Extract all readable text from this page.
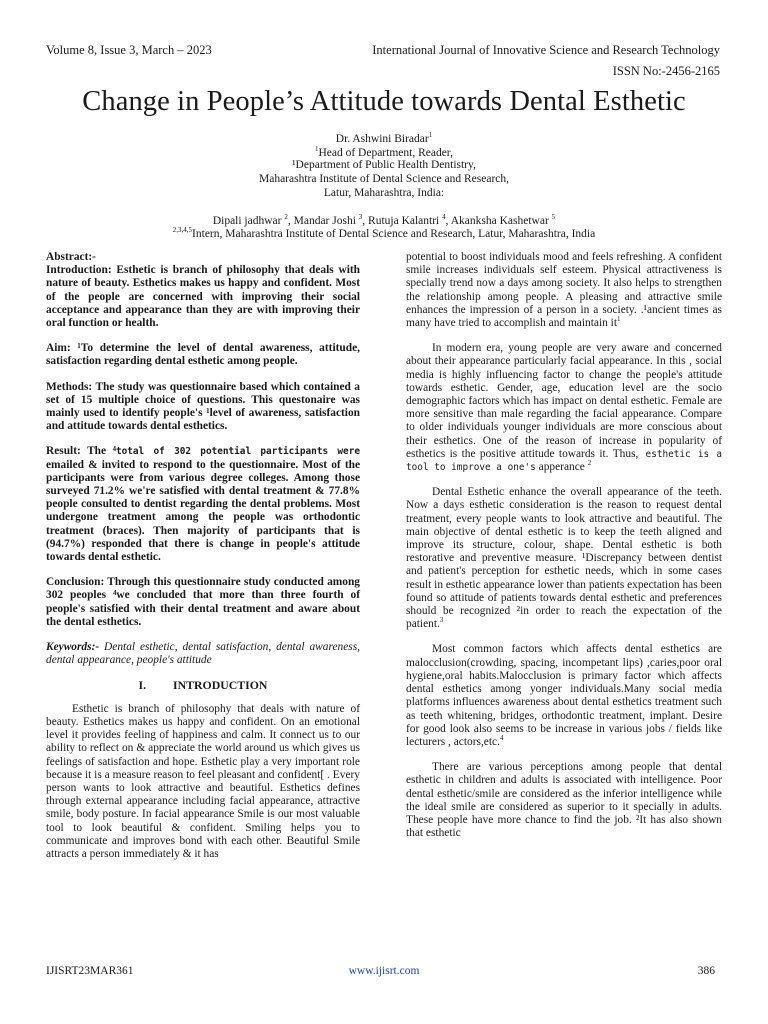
Volume 8, Issue 3, March – 2023	International Journal of Innovative Science and Research Technology
ISSN No:-2456-2165
Change in People’s Attitude towards Dental Esthetic
Dr. Ashwini Biradar$^1$
$^1$Head of Department, Reader,
¹Department of Public Health Dentistry,
Maharashtra Institute of Dental Science and Research,
Latur, Maharashtra, India:
Dipali jadhwar $^2$, Mandar Joshi $^3$, Rutuja Kalantri $^4$, Akanksha Kashetwar $^5$
$^{2,3,4,5}$Intern, Maharashtra Institute of Dental Science and Research, Latur, Maharashtra, India
Abstract:-

Introduction: Esthetic is branch of philosophy that deals with nature of beauty. Esthetics makes us happy and confident. Most of the people are concerned with improving their social acceptance and appearance than they are with improving their oral function or health.

Aim: ¹To determine the level of dental awareness, attitude, satisfaction regarding dental esthetic among people.

Methods: The study was questionnaire based which contained a set of 15 multiple choice of questions. This questonaire was mainly used to identify people's ¹level of awareness, satisfaction and attitude towards dental esthetics.

Result: The ⁴total of 302 potential participants were emailed & invited to respond to the questionnaire. Most of the participants were from various degree colleges. Among those surveyed 71.2% we're satisfied with dental treatment & 77.8% people consulted to dentist regarding the dental problems. Most undergone treatment among the people was orthodontic treatment (braces). Then majority of participants that is (94.7%) responded that there is change in people's attitude towards dental esthetic.

Conclusion: Through this questionnaire study conducted among 302 peoples ⁴we concluded that more than three fourth of people's satisfied with their dental treatment and aware about the dental esthetics.

Keywords:- Dental esthetic, dental satisfaction, dental awareness, dental appearance, people's attitude

I. INTRODUCTION

Esthetic is branch of philosophy that deals with nature of beauty. Esthetics makes us happy and confident. On an emotional level it provides feeling of happiness and calm. It connect us to our ability to reflect on & appreciate the world around us which gives us feelings of satisfaction and hope. Esthetic play a very important role because it is a measure reason to feel pleasant and confident[ . Every person wants to look attractive and beautiful. Esthetics defines through external appearance including facial appearance, attractive smile, body posture. In facial appearance Smile is our most valuable tool to look beautiful & confident. Smiling helps you to communicate and improves bond with each other. Beautiful Smile attracts a person immediately & it has

potential to boost individuals mood and feels refreshing. A confident smile increases individuals self esteem. Physical attractiveness is specially trend now a days among society. It also helps to strengthen the relationship among people. A pleasing and attractive smile enhances the impression of a person in a society. .¹ancient times as many have tried to accomplish and maintain $it^1$

In modern era, young people are very aware and concerned about their appearance particularly facial appearance. In this , social media is highly influencing factor to change the people's attitude towards esthetic. Gender, age, education level are the socio demographic factors which has impact on dental esthetic. Female are more sensitive than male regarding the facial appearance. Compare to older individuals younger individuals are more conscious about their esthetics. One of the reason of increase in popularity of esthetics is the positive attitude towards it. Thus, esthetic is a tool to improve a one's apperance $^2$

Dental Esthetic enhance the overall appearance of the teeth. Now a days esthetic consideration is the reason to request dental treatment, every people wants to look attractive and beautiful. The main objective of dental esthetic is to keep the teeth aligned and improve its structure, colour, shape. Dental esthetic is both restorative and preventive measure. ¹Discrepancy between dentist and patient's perception for esthetic needs, which in some cases result in esthetic appearance lower than patients expectation has been found so attitude of patients towards dental esthetic and preferences should be recognized ²in order to reach the expectation of the patient.$^3$

Most common factors which affects dental esthetics are malocclusion(crowding, spacing, incompetant lips) ,caries,poor oral hygiene,oral habits.Malocclusion is primary factor which affects dental esthetics among yonger individuals.Many social media platforms influences awareness about dental esthetics treatment such as teeth whitening, bridges, orthodontic treatment, implant. Desire for good look also seems to be increase in various jobs / fields like lecturers , actors,etc.$^4$

There are various perceptions among people that dental esthetic in children and adults is associated with intelligence. Poor dental esthetic/smile are considered as the inferior intelligence while the ideal smile are considered as superior to it specially in adults. These people have more chance to find the job. ²It has also shown that esthetic

IJISRT23MAR361	www.ijisrt.com	386
